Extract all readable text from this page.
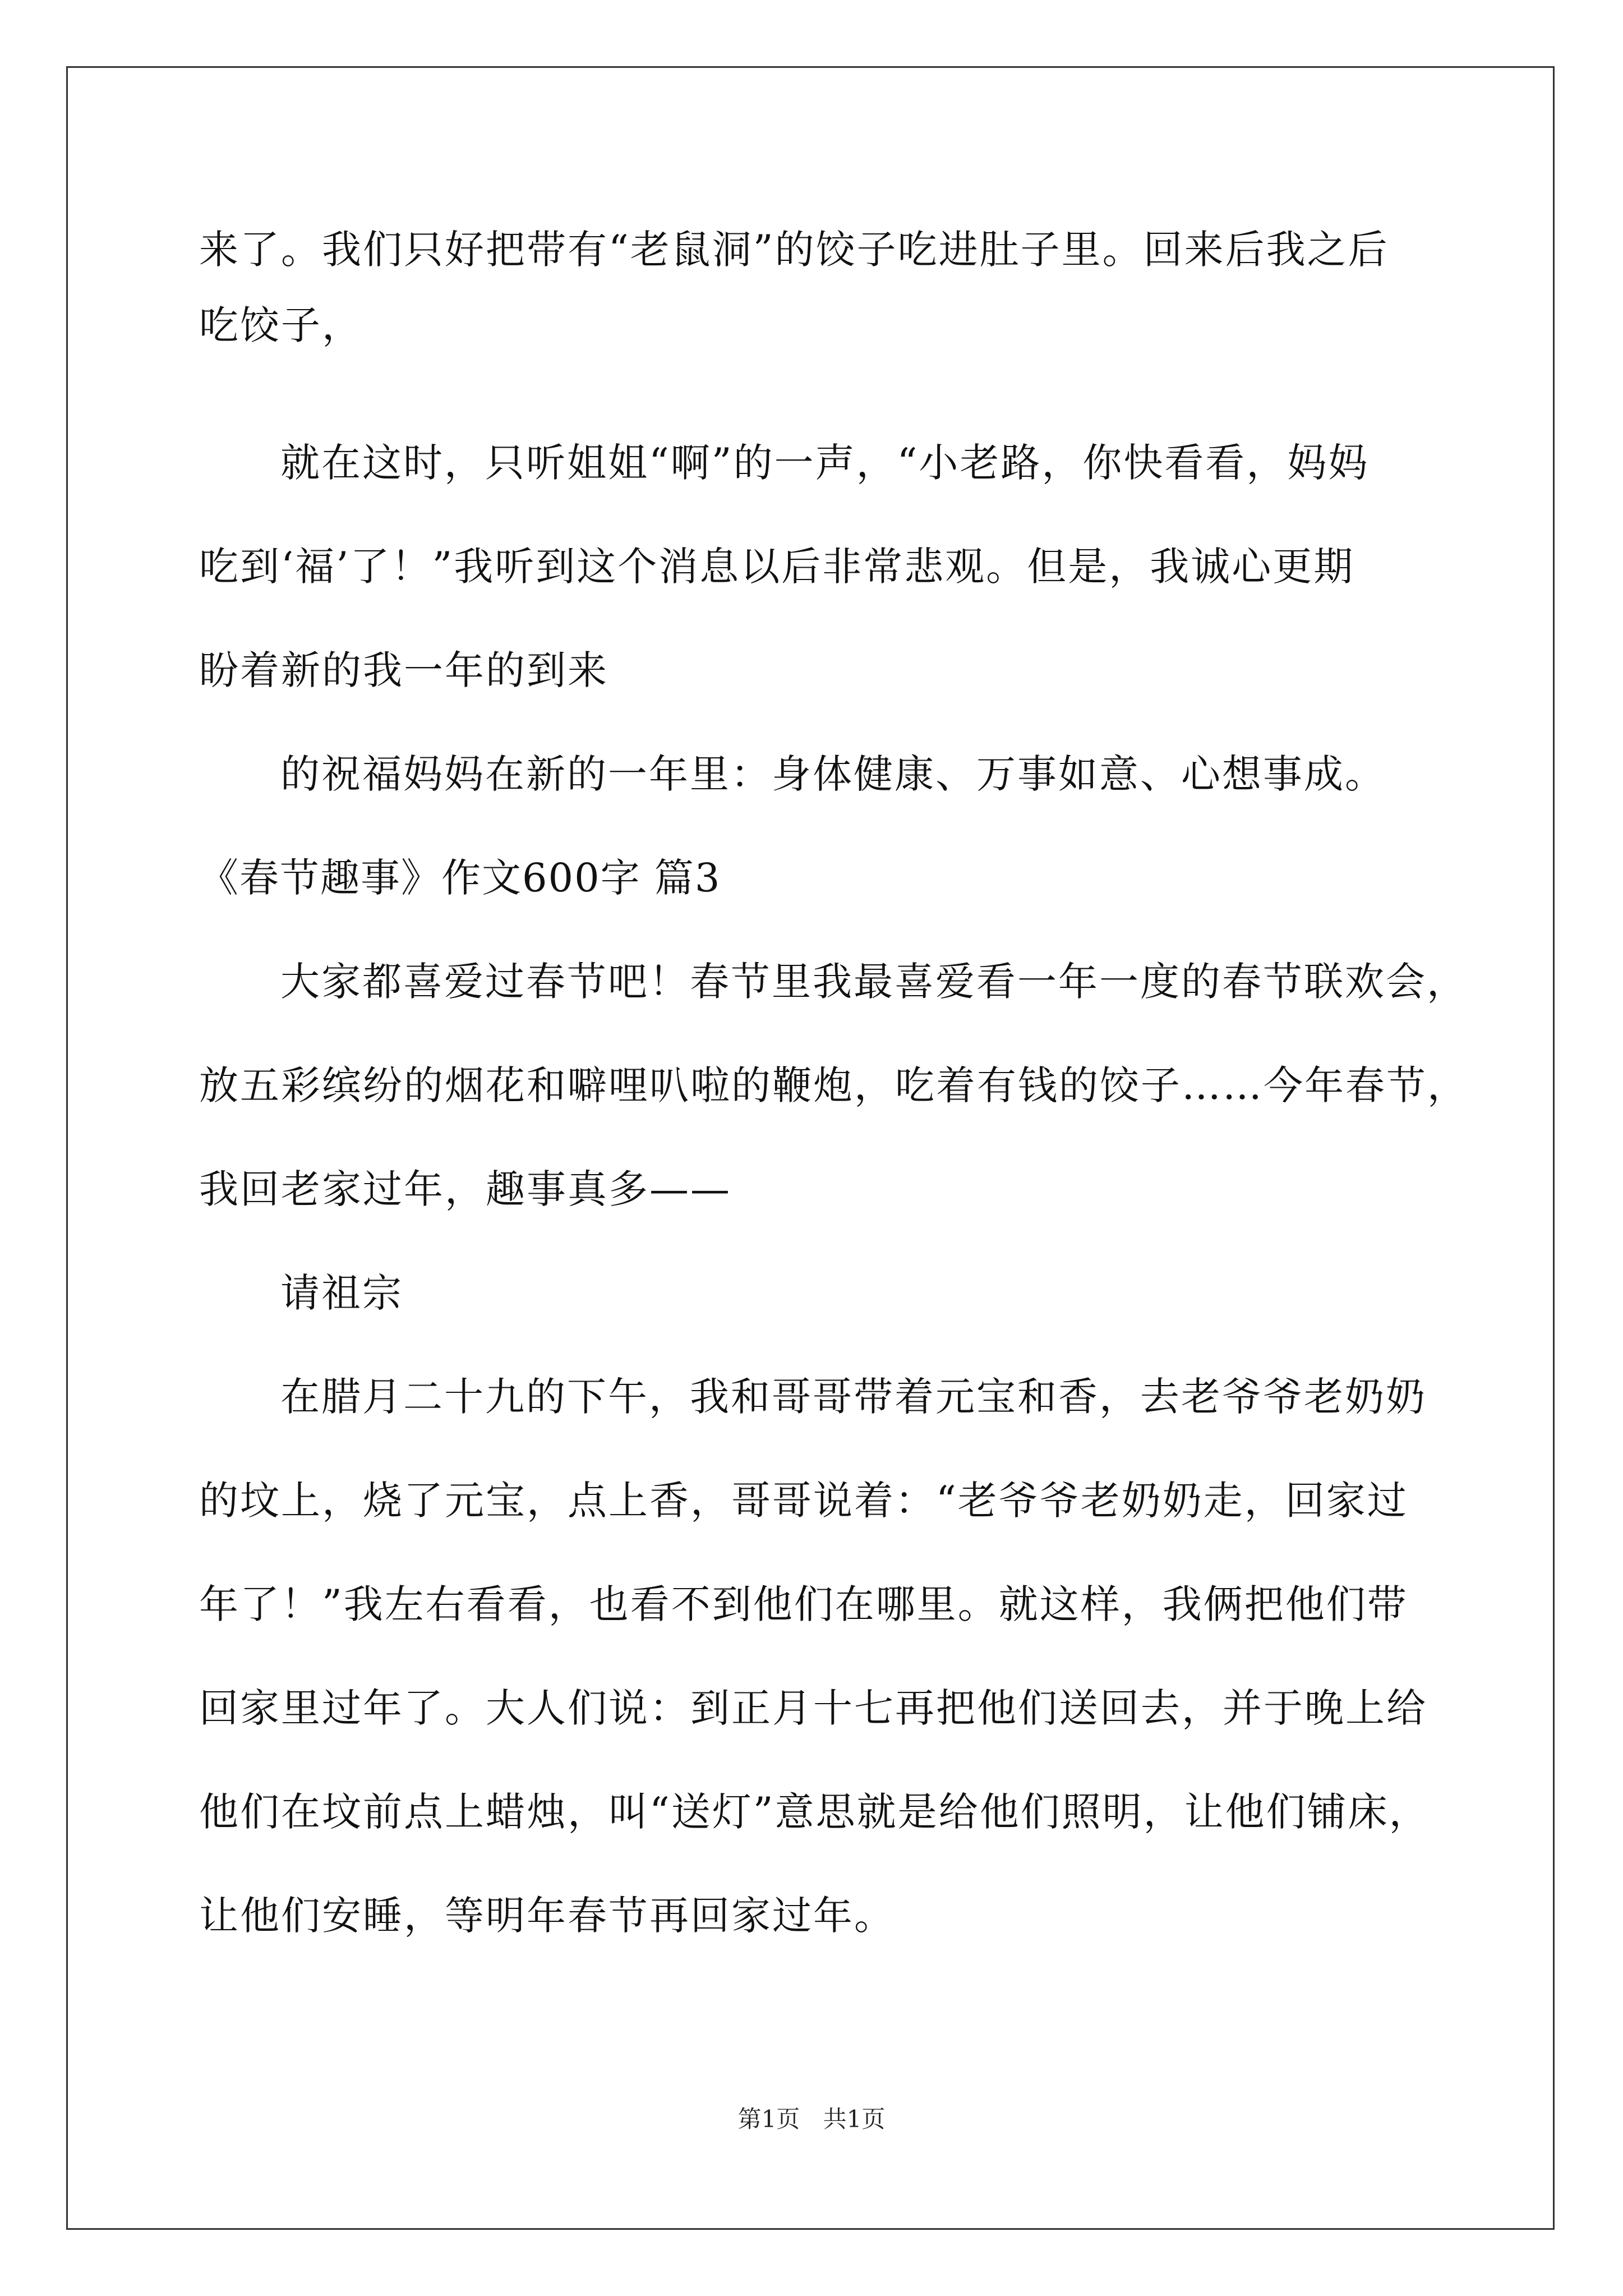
来了。我们只好把带有“老鼠洞”的饺子吃进肚子里。回来后我之后
吃饺子，
就在这时，只听姐姐“啊”的一声，“小老路，你快看看，妈妈
吃到‘福’了！”我听到这个消息以后非常悲观。但是，我诚心更期
盼着新的我一年的到来
的祝福妈妈在新的一年里：身体健康、万事如意、心想事成。
《春节趣事》作文600字 篇3
大家都喜爱过春节吧！春节里我最喜爱看一年一度的春节联欢会，
放五彩缤纷的烟花和噼哩叭啦的鞭炮，吃着有钱的饺子……今年春节，
我回老家过年，趣事真多——
请祖宗
在腊月二十九的下午，我和哥哥带着元宝和香，去老爷爷老奶奶
的坟上，烧了元宝，点上香，哥哥说着：“老爷爷老奶奶走，回家过
年了！”我左右看看，也看不到他们在哪里。就这样，我俩把他们带
回家里过年了。大人们说：到正月十七再把他们送回去，并于晚上给
他们在坟前点上蜡烛，叫“送灯”意思就是给他们照明，让他们铺床，
让他们安睡，等明年春节再回家过年。
第1页 共1页
